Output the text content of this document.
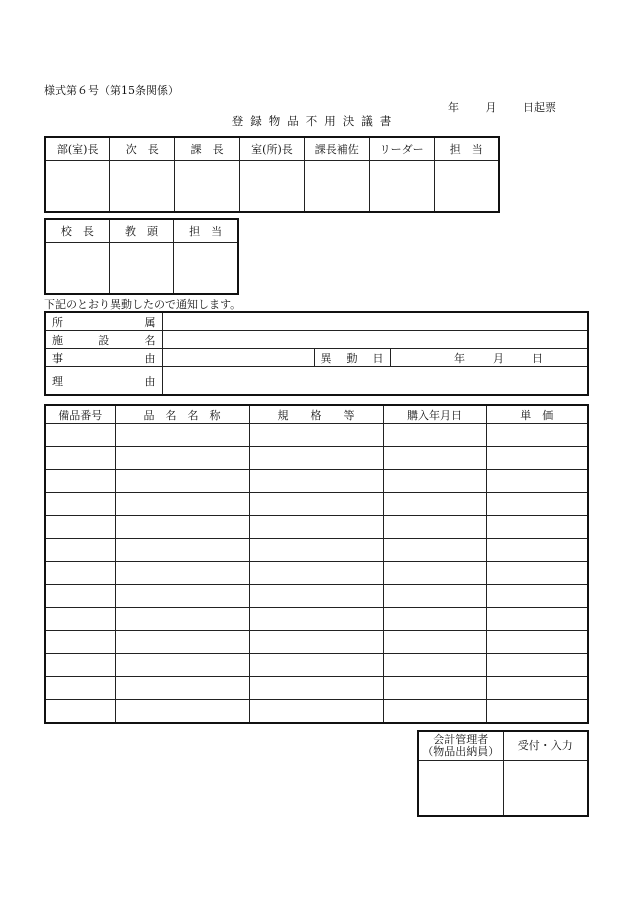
様式第６号（第15条関係）
年 月 日起票
登録物品不用決議書
部(室)長	次　長	課　長	室(所)長	課長補佐	リーダー	担　当

校　長	教　頭	担　当

下記のとおり異動したので通知します。
所 属			

施 設 名			

事 由		異 動 日	年 月 日

理 由			

備品番号	品　名　名　称	規　　格　　等	購入年月日	単　価

会計管理者
（物品出納員）	受付・入力
